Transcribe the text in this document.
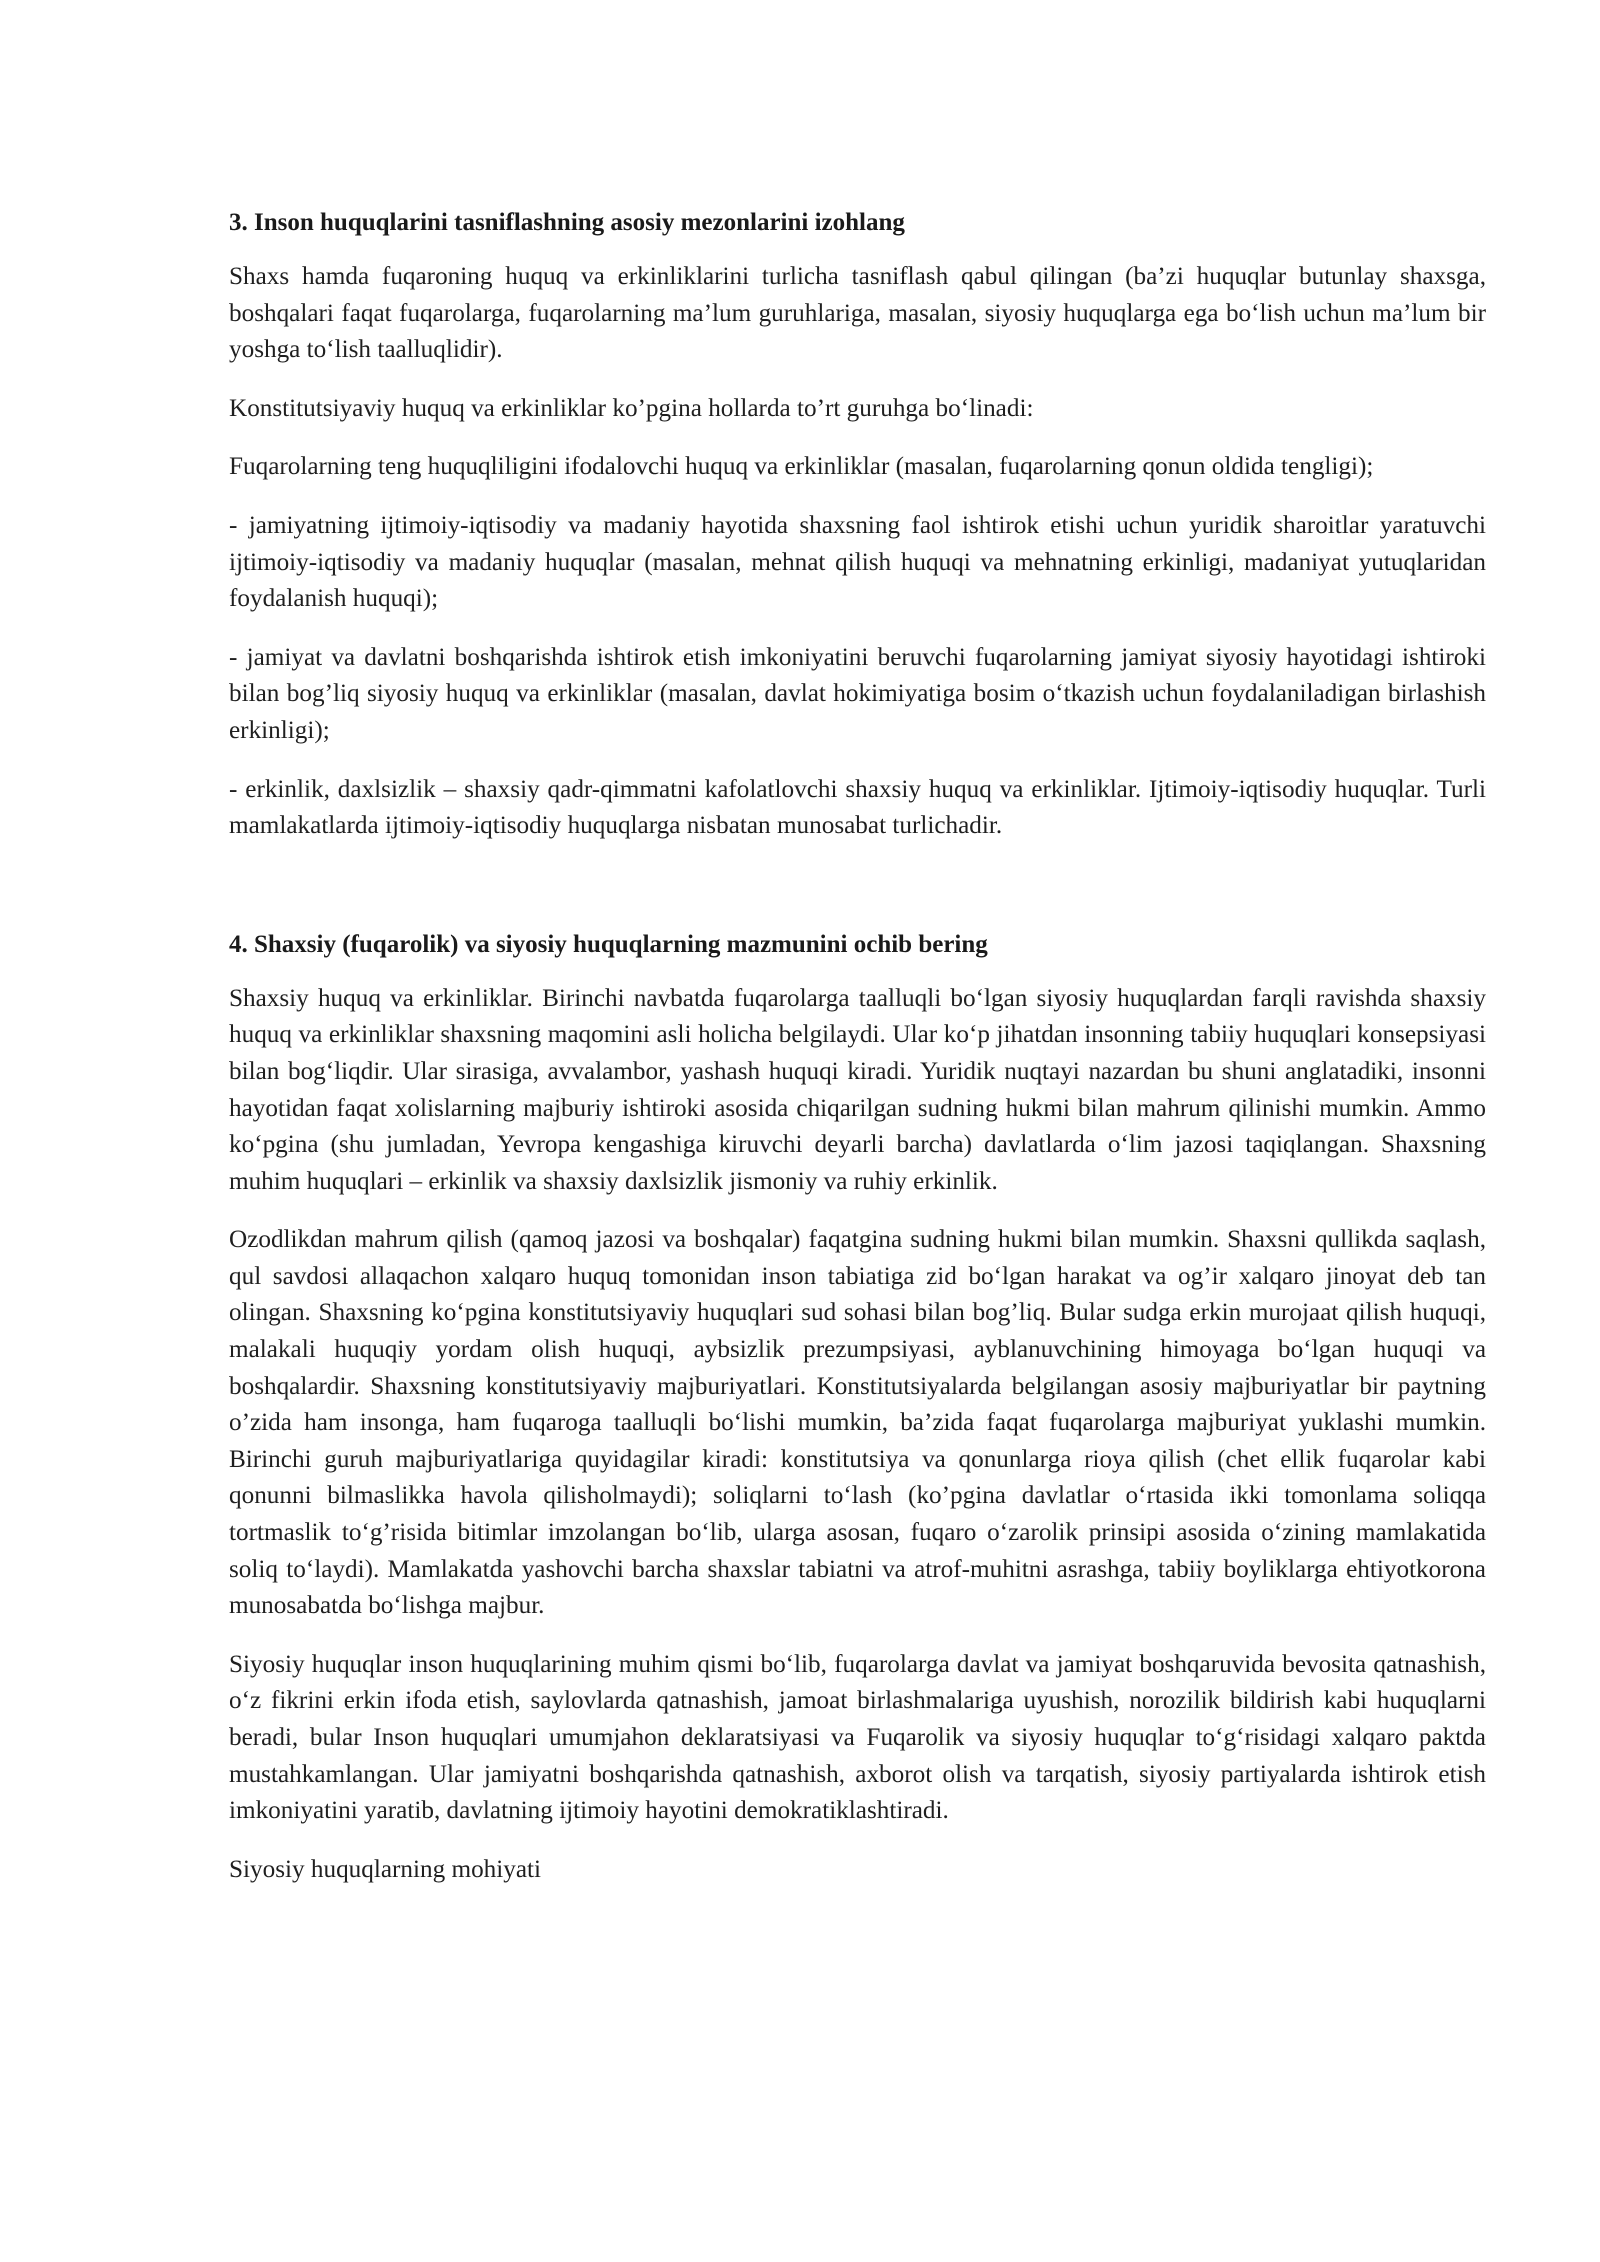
3. Inson huquqlarini tasniflashning asosiy mezonlarini izohlang

Shaxs hamda fuqaroning huquq va erkinliklarini turlicha tasniflash qabul qilingan (ba’zi huquqlar butunlay shaxsga, boshqalari faqat fuqarolarga, fuqarolarning ma’lum guruhlariga, masalan, siyosiy huquqlarga ega bo‘lish uchun ma’lum bir yoshga to‘lish taalluqlidir).

Konstitutsiyaviy huquq va erkinliklar ko’pgina hollarda to’rt guruhga bo‘linadi:

Fuqarolarning teng huquqliligini ifodalovchi huquq va erkinliklar (masalan, fuqarolarning qonun oldida tengligi);

- jamiyatning ijtimoiy-iqtisodiy va madaniy hayotida shaxsning faol ishtirok etishi uchun yuridik sharoitlar yaratuvchi ijtimoiy-iqtisodiy va madaniy huquqlar (masalan, mehnat qilish huquqi va mehnatning erkinligi, madaniyat yutuqlaridan foydalanish huquqi);

- jamiyat va davlatni boshqarishda ishtirok etish imkoniyatini beruvchi fuqarolarning jamiyat siyosiy hayotidagi ishtiroki bilan bog’liq siyosiy huquq va erkinliklar (masalan, davlat hokimiyatiga bosim o‘tkazish uchun foydalaniladigan birlashish erkinligi);

- erkinlik, daxlsizlik – shaxsiy qadr-qimmatni kafolatlovchi shaxsiy huquq va erkinliklar. Ijtimoiy-iqtisodiy huquqlar. Turli mamlakatlarda ijtimoiy-iqtisodiy huquqlarga nisbatan munosabat turlichadir.

4. Shaxsiy (fuqarolik) va siyosiy huquqlarning mazmunini ochib bering

Shaxsiy huquq va erkinliklar. Birinchi navbatda fuqarolarga taalluqli bo‘lgan siyosiy huquqlardan farqli ravishda shaxsiy huquq va erkinliklar shaxsning maqomini asli holicha belgilaydi. Ular ko‘p jihatdan insonning tabiiy huquqlari konsepsiyasi bilan bog‘liqdir. Ular sirasiga, avvalambor, yashash huquqi kiradi. Yuridik nuqtayi nazardan bu shuni anglatadiki, insonni hayotidan faqat xolislarning majburiy ishtiroki asosida chiqarilgan sudning hukmi bilan mahrum qilinishi mumkin. Ammo ko‘pgina (shu jumladan, Yevropa kengashiga kiruvchi deyarli barcha) davlatlarda o‘lim jazosi taqiqlangan. Shaxsning muhim huquqlari – erkinlik va shaxsiy daxlsizlik jismoniy va ruhiy erkinlik.

Ozodlikdan mahrum qilish (qamoq jazosi va boshqalar) faqatgina sudning hukmi bilan mumkin. Shaxsni qullikda saqlash, qul savdosi allaqachon xalqaro huquq tomonidan inson tabiatiga zid bo‘lgan harakat va og’ir xalqaro jinoyat deb tan olingan. Shaxsning ko‘pgina konstitutsiyaviy huquqlari sud sohasi bilan bog’liq. Bular sudga erkin murojaat qilish huquqi, malakali huquqiy yordam olish huquqi, aybsizlik prezumpsiyasi, ayblanuvchining himoyaga bo‘lgan huquqi va boshqalardir. Shaxsning konstitutsiyaviy majburiyatlari. Konstitutsiyalarda belgilangan asosiy majburiyatlar bir paytning o’zida ham insonga, ham fuqaroga taalluqli bo‘lishi mumkin, ba’zida faqat fuqarolarga majburiyat yuklashi mumkin. Birinchi guruh majburiyatlariga quyidagilar kiradi: konstitutsiya va qonunlarga rioya qilish (chet ellik fuqarolar kabi qonunni bilmaslikka havola qilisholmaydi); soliqlarni to‘lash (ko’pgina davlatlar o‘rtasida ikki tomonlama soliqqa tortmaslik to‘g’risida bitimlar imzolangan bo‘lib, ularga asosan, fuqaro o‘zarolik prinsipi asosida o‘zining mamlakatida soliq to‘laydi). Mamlakatda yashovchi barcha shaxslar tabiatni va atrof-muhitni asrashga, tabiiy boyliklarga ehtiyotkorona munosabatda bo‘lishga majbur.

Siyosiy huquqlar inson huquqlarining muhim qismi bo‘lib, fuqarolarga davlat va jamiyat boshqaruvida bevosita qatnashish, o‘z fikrini erkin ifoda etish, saylovlarda qatnashish, jamoat birlashmalariga uyushish, norozilik bildirish kabi huquqlarni beradi, bular Inson huquqlari umumjahon deklaratsiyasi va Fuqarolik va siyosiy huquqlar to‘g‘risidagi xalqaro paktda mustahkamlangan. Ular jamiyatni boshqarishda qatnashish, axborot olish va tarqatish, siyosiy partiyalarda ishtirok etish imkoniyatini yaratib, davlatning ijtimoiy hayotini demokratiklashtiradi.

Siyosiy huquqlarning mohiyati
